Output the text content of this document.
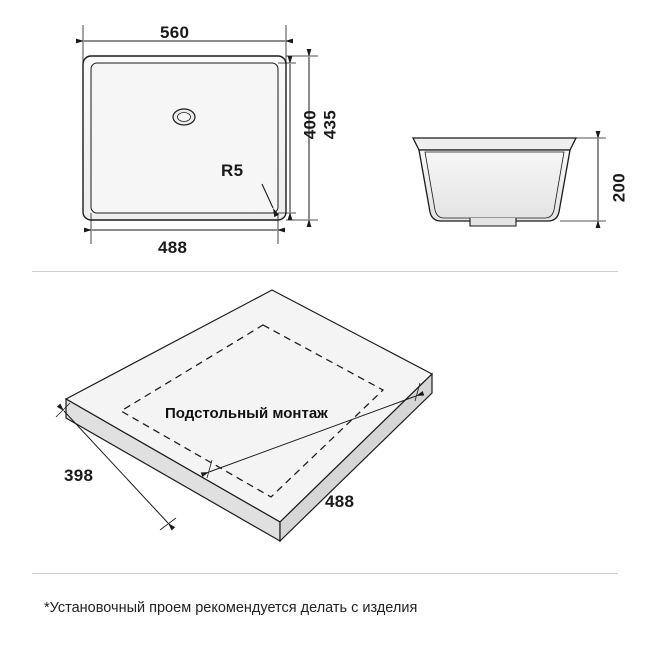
560
488
400 435
R5
200
Подстольный монтаж
398
488
*Установочный проем рекомендуется делать с изделия
